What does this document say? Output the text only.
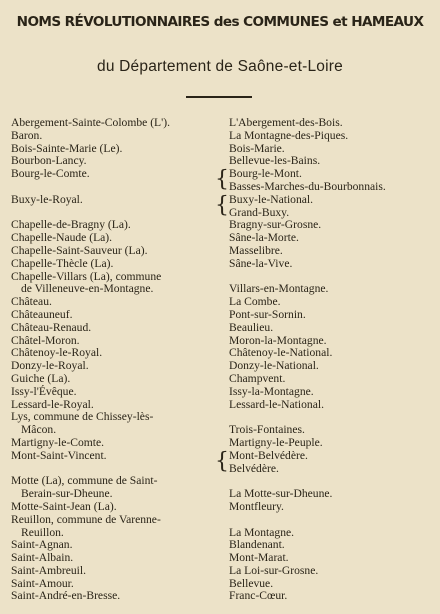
NOMS RÉVOLUTIONNAIRES des COMMUNES et HAMEAUX
du Département de Saône-et-Loire
Abergement-Sainte-Colombe (L').
Baron.
Bois-Sainte-Marie (Le).
Bourbon-Lancy.
Bourg-le-Comte.
Buxy-le-Royal.
Chapelle-de-Bragny (La).
Chapelle-Naude (La).
Chapelle-Saint-Sauveur (La).
Chapelle-Thècle (La).
Chapelle-Villars (La), commune
de Villeneuve-en-Montagne.
Château.
Châteauneuf.
Château-Renaud.
Châtel-Moron.
Châtenoy-le-Royal.
Donzy-le-Royal.
Guiche (La).
Issy-l'Évêque.
Lessard-le-Royal.
Lys, commune de Chissey-lès-
Mâcon.
Martigny-le-Comte.
Mont-Saint-Vincent.
Motte (La), commune de Saint-
Berain-sur-Dheune.
Motte-Saint-Jean (La).
Reuillon, commune de Varenne-
Reuillon.
Saint-Agnan.
Saint-Albain.
Saint-Ambreuil.
Saint-Amour.
Saint-André-en-Bresse.
L'Abergement-des-Bois.
La Montagne-des-Piques.
Bois-Marie.
Bellevue-les-Bains.
Bourg-le-Mont.
Basses-Marches-du-Bourbonnais.
Buxy-le-National.
Grand-Buxy.
Bragny-sur-Grosne.
Sâne-la-Morte.
Masselibre.
Sâne-la-Vive.
Villars-en-Montagne.
La Combe.
Pont-sur-Sornin.
Beaulieu.
Moron-la-Montagne.
Châtenoy-le-National.
Donzy-le-National.
Champvent.
Issy-la-Montagne.
Lessard-le-National.
Trois-Fontaines.
Martigny-le-Peuple.
Mont-Belvédère.
Belvédère.
La Motte-sur-Dheune.
Montfleury.
La Montagne.
Blandenant.
Mont-Marat.
La Loi-sur-Grosne.
Bellevue.
Franc-Cœur.
{
{
{
